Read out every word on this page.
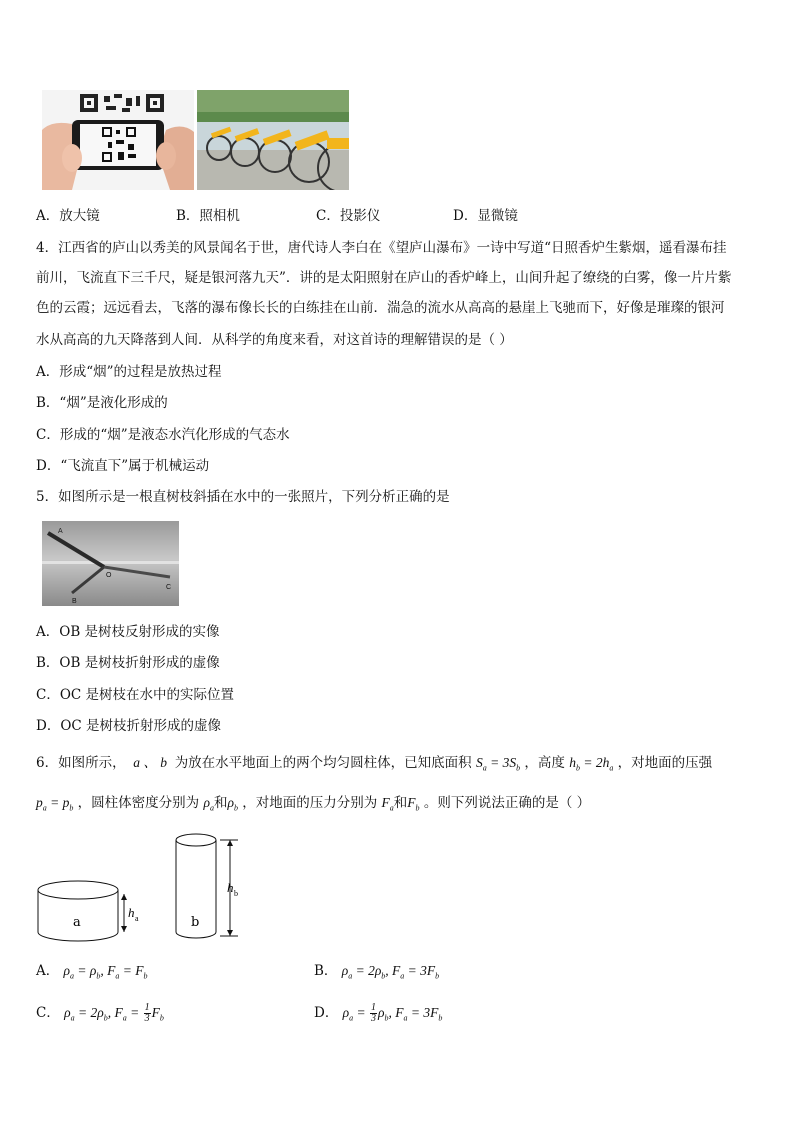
A．放大镜	B．照相机	C．投影仪	D．显微镜
4．江西省的庐山以秀美的风景闻名于世，唐代诗人李白在《望庐山瀑布》一诗中写道“日照香炉生紫烟，遥看瀑布挂
前川，飞流直下三千尺，疑是银河落九天”．讲的是太阳照射在庐山的香炉峰上，山间升起了缭绕的白雾，像一片片紫
色的云霞；远远看去，飞落的瀑布像长长的白练挂在山前．湍急的流水从高高的悬崖上飞驰而下，好像是璀璨的银河
水从高高的九天降落到人间．从科学的角度来看，对这首诗的理解错误的是（ ）
A．形成“烟”的过程是放热过程
B．“烟”是液化形成的
C．形成的“烟”是液态水汽化形成的气态水
D．“飞流直下”属于机械运动
5．如图所示是一根直树枝斜插在水中的一张照片，下列分析正确的是
A
O
B
C
A．OB 是树枝反射形成的实像
B．OB 是树枝折射形成的虚像
C．OC 是树枝在水中的实际位置
D．OC 是树枝折射形成的虚像
6．如图所示，  a 、 b  为放在水平地面上的两个均匀圆柱体，已知底面积 $S_a = 3S_b$ ，高度 $h_b = 2h_a$ ，对地面的压强
$p_a = p_b$ ，圆柱体密度分别为 $\rho_a$和$\rho_b$ ，对地面的压力分别为 $F_a$和$F_b$ 。则下列说法正确的是（ ）
a	b
h a
h b
A． $\rho_a = \rho_b$, $F_a = F_b$	B． $\rho_a = 2\rho_b$, $F_a = 3F_b$
C． $\rho_a = 2\rho_b$, $F_a = \frac{1}{3} F_b$	D． $\rho_a = \frac{1}{3} \rho_b$, $F_a = 3F_b$
